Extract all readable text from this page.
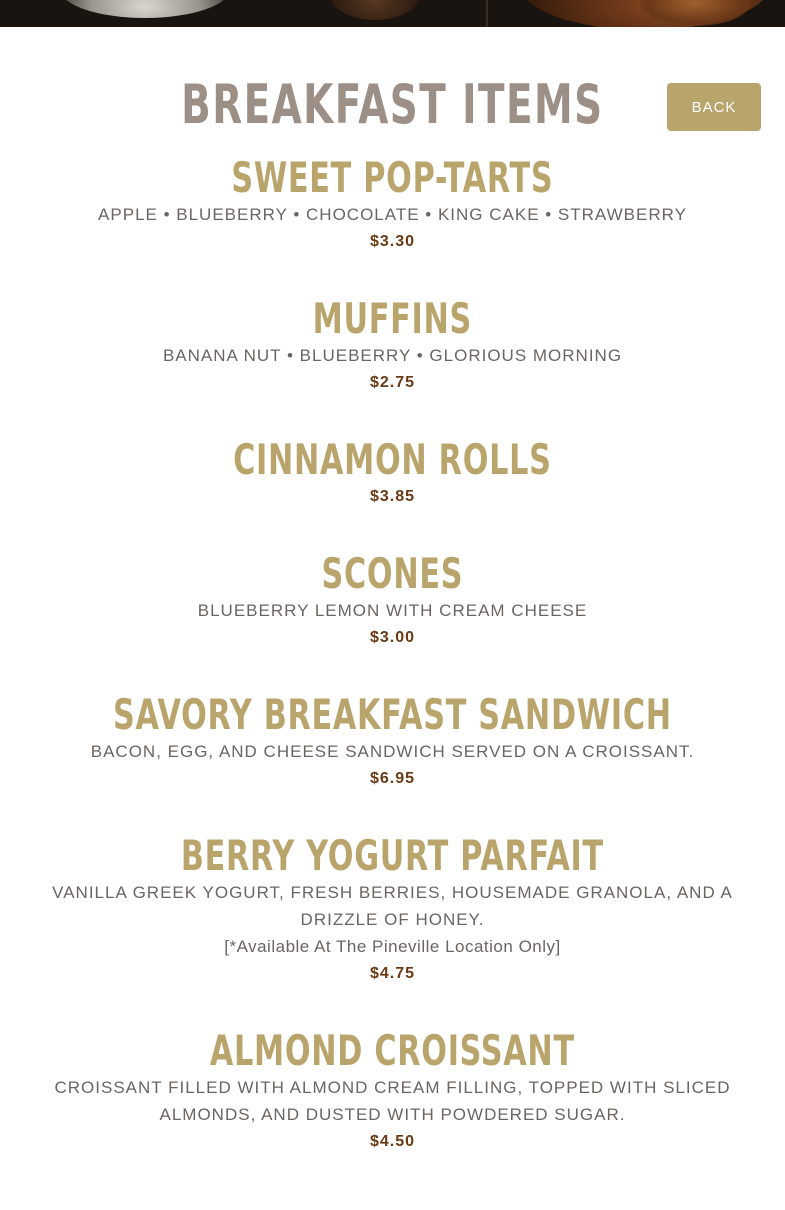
BREAKFAST ITEMS	BACK
SWEET POP-TARTS
APPLE • BLUEBERRY • CHOCOLATE • KING CAKE • STRAWBERRY
$3.30
MUFFINS
BANANA NUT • BLUEBERRY • GLORIOUS MORNING
$2.75
CINNAMON ROLLS
$3.85
SCONES
BLUEBERRY LEMON WITH CREAM CHEESE
$3.00
SAVORY BREAKFAST SANDWICH
BACON, EGG, AND CHEESE SANDWICH SERVED ON A CROISSANT.
$6.95
BERRY YOGURT PARFAIT
VANILLA GREEK YOGURT, FRESH BERRIES, HOUSEMADE GRANOLA, AND A DRIZZLE OF HONEY.
[*Available At The Pineville Location Only]
$4.75
ALMOND CROISSANT
CROISSANT FILLED WITH ALMOND CREAM FILLING, TOPPED WITH SLICED ALMONDS, AND DUSTED WITH POWDERED SUGAR.
$4.50
